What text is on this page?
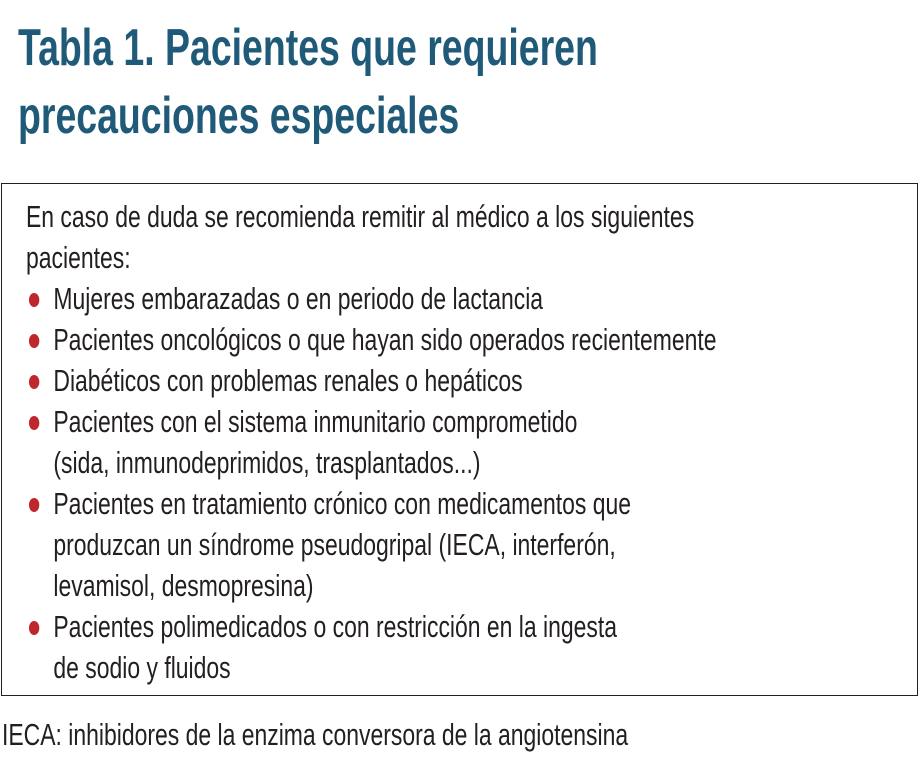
Tabla 1. Pacientes que requieren
precauciones especiales

En caso de duda se recomienda remitir al médico a los siguientes
pacientes:

Mujeres embarazadas o en periodo de lactancia
Pacientes oncológicos o que hayan sido operados recientemente
Diabéticos con problemas renales o hepáticos
Pacientes con el sistema inmunitario comprometido
(sida, inmunodeprimidos, trasplantados...)
Pacientes en tratamiento crónico con medicamentos que
produzcan un síndrome pseudogripal (IECA, interferón,
levamisol, desmopresina)
Pacientes polimedicados o con restricción en la ingesta
de sodio y fluidos
IECA: inhibidores de la enzima conversora de la angiotensina
